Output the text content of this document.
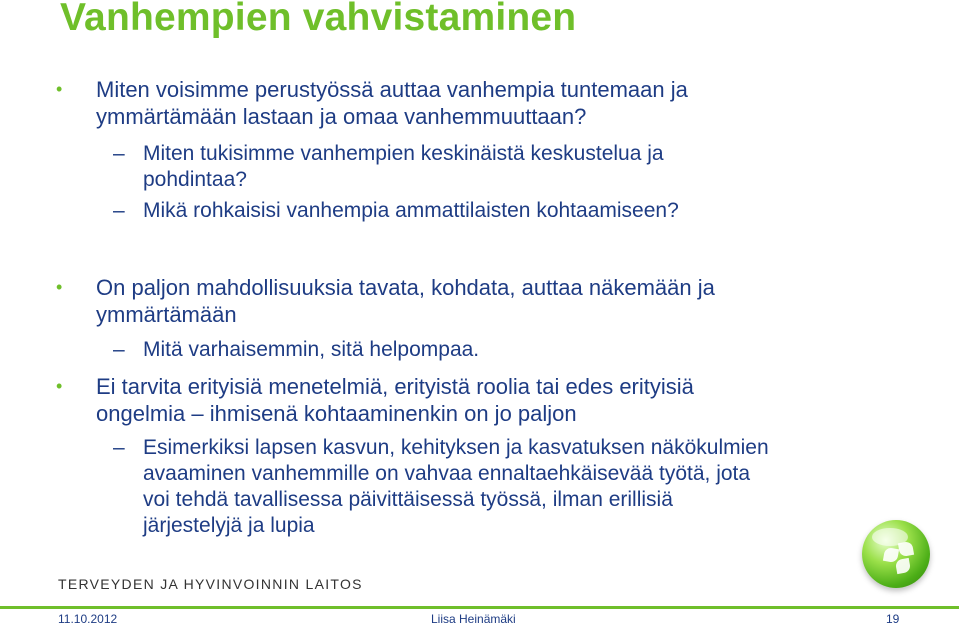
Vanhempien vahvistaminen
• Miten voisimme perustyössä auttaa vanhempia tuntemaan ja
ymmärtämään lastaan ja omaa vanhemmuuttaan?
– Miten tukisimme vanhempien keskinäistä keskustelua ja
pohdintaa?
– Mikä rohkaisisi vanhempia ammattilaisten kohtaamiseen?
• On paljon mahdollisuuksia tavata, kohdata, auttaa näkemään ja
ymmärtämään
– Mitä varhaisemmin, sitä helpompaa.
• Ei tarvita erityisiä menetelmiä, erityistä roolia tai edes erityisiä
ongelmia – ihmisenä kohtaaminenkin on jo paljon
– Esimerkiksi lapsen kasvun, kehityksen ja kasvatuksen näkökulmien
avaaminen vanhemmille on vahvaa ennaltaehkäisevää työtä, jota
voi tehdä tavallisessa päivittäisessä työssä, ilman erillisiä
järjestelyjä ja lupia
TERVEYDEN JA HYVINVOINNIN LAITOS
11.10.2012	Liisa Heinämäki	19
